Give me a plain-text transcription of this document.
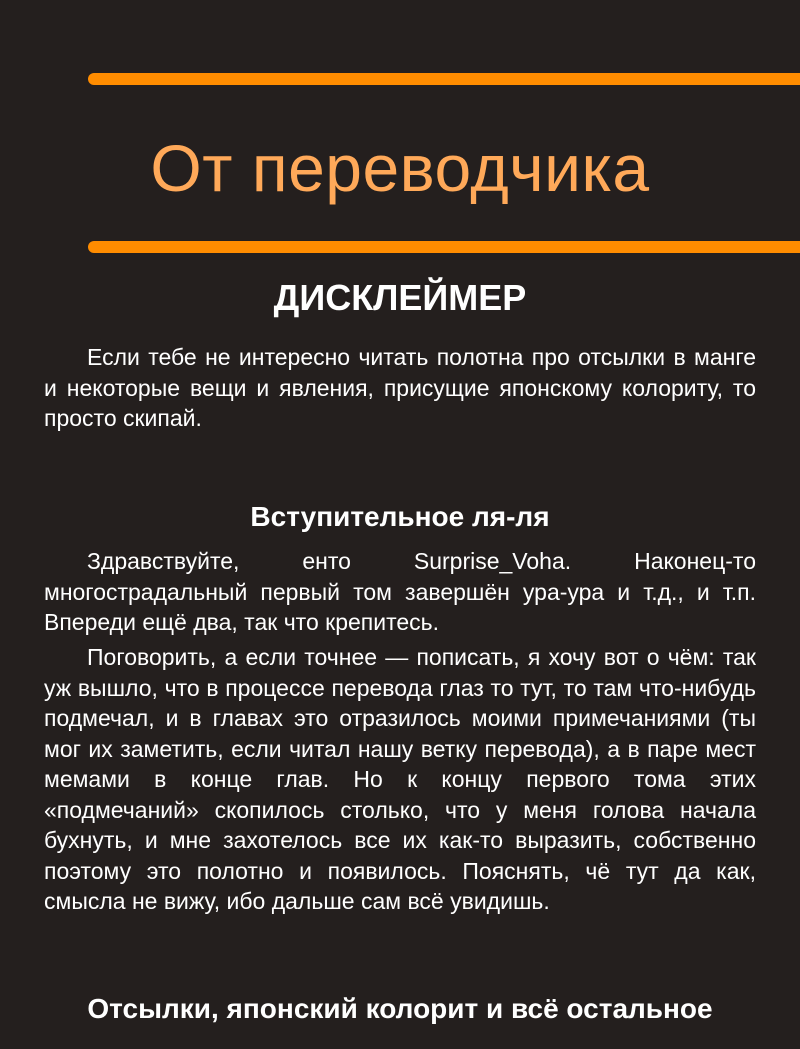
От переводчика
ДИСКЛЕЙМЕР

Если тебе не интересно читать полотна про отсылки в манге и некоторые вещи и явления, присущие японскому колориту, то просто скипай.

Вступительное ля-ля

Здравствуйте, енто Surprise_Voha. Наконец-то многострадальный первый том завершён ура-ура и т.д., и т.п. Впереди ещё два, так что крепитесь.

Поговорить, а если точнее — пописать, я хочу вот о чём: так уж вышло, что в процессе перевода глаз то тут, то там что-нибудь подмечал, и в главах это отразилось моими примечаниями (ты мог их заметить, если читал нашу ветку перевода), а в паре мест мемами в конце глав. Но к концу первого тома этих «подмечаний» скопилось столько, что у меня голова начала бухнуть, и мне захотелось все их как-то выразить, собственно поэтому это полотно и появилось. Пояснять, чё тут да как, смысла не вижу, ибо дальше сам всё увидишь.

Отсылки, японский колорит и всё остальное
